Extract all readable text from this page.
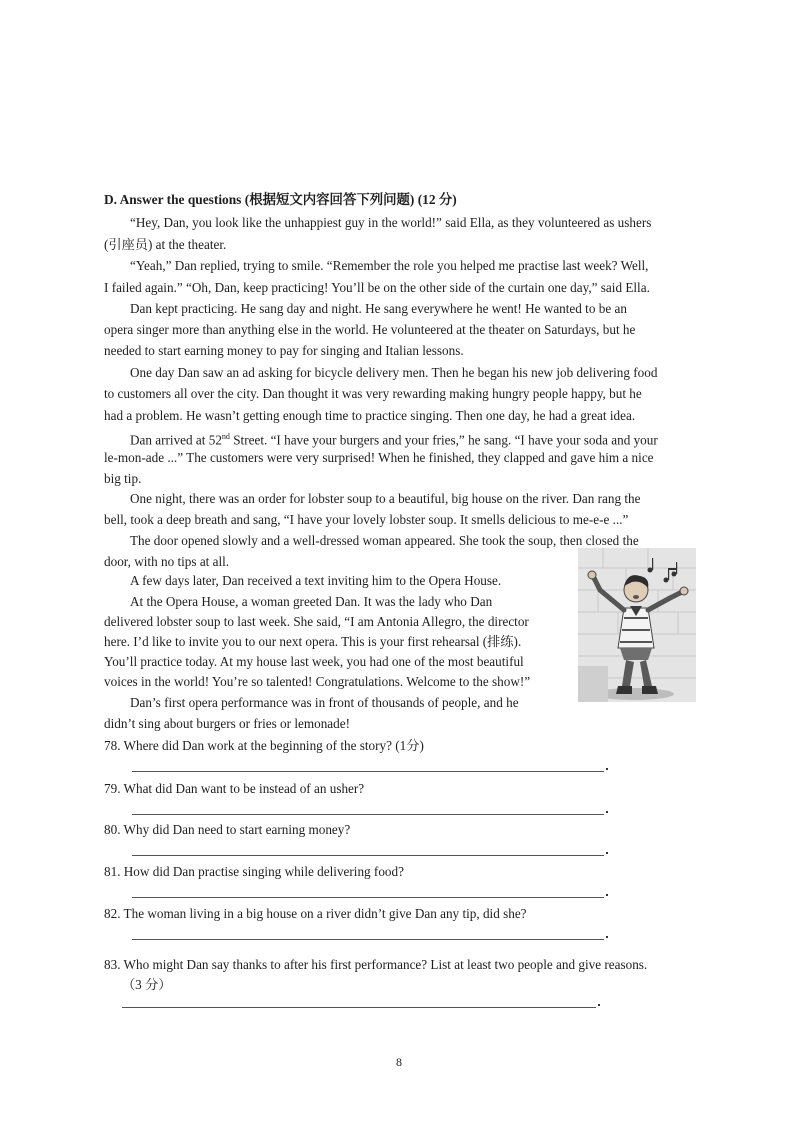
D. Answer the questions (根据短文内容回答下列问题) (12 分)
“Hey, Dan, you look like the unhappiest guy in the world!” said Ella, as they volunteered as ushers
(引座员) at the theater.
“Yeah,” Dan replied, trying to smile. “Remember the role you helped me practise last week? Well,
I failed again.” “Oh, Dan, keep practicing! You’ll be on the other side of the curtain one day,” said Ella.
Dan kept practicing. He sang day and night. He sang everywhere he went! He wanted to be an
opera singer more than anything else in the world. He volunteered at the theater on Saturdays, but he
needed to start earning money to pay for singing and Italian lessons.
One day Dan saw an ad asking for bicycle delivery men. Then he began his new job delivering food
to customers all over the city. Dan thought it was very rewarding making hungry people happy, but he
had a problem. He wasn’t getting enough time to practice singing. Then one day, he had a great idea.
Dan arrived at 52nd Street. “I have your burgers and your fries,” he sang. “I have your soda and your
le-mon-ade ...” The customers were very surprised! When he finished, they clapped and gave him a nice
big tip.
One night, there was an order for lobster soup to a beautiful, big house on the river. Dan rang the
bell, took a deep breath and sang, “I have your lovely lobster soup. It smells delicious to me-e-e ...”
The door opened slowly and a well-dressed woman appeared. She took the soup, then closed the
door, with no tips at all.
A few days later, Dan received a text inviting him to the Opera House.
At the Opera House, a woman greeted Dan. It was the lady who Dan
delivered lobster soup to last week. She said, “I am Antonia Allegro, the director
here. I’d like to invite you to our next opera. This is your first rehearsal (排练).
You’ll practice today. At my house last week, you had one of the most beautiful
voices in the world! You’re so talented! Congratulations. Welcome to the show!”
Dan’s first opera performance was in front of thousands of people, and he
didn’t sing about burgers or fries or lemonade!
78. Where did Dan work at the beginning of the story? (1分)
79. What did Dan want to be instead of an usher?
80. Why did Dan need to start earning money?
81. How did Dan practise singing while delivering food?
82. The woman living in a big house on a river didn’t give Dan any tip, did she?
83. Who might Dan say thanks to after his first performance? List at least two people and give reasons.
（3 分）
8
